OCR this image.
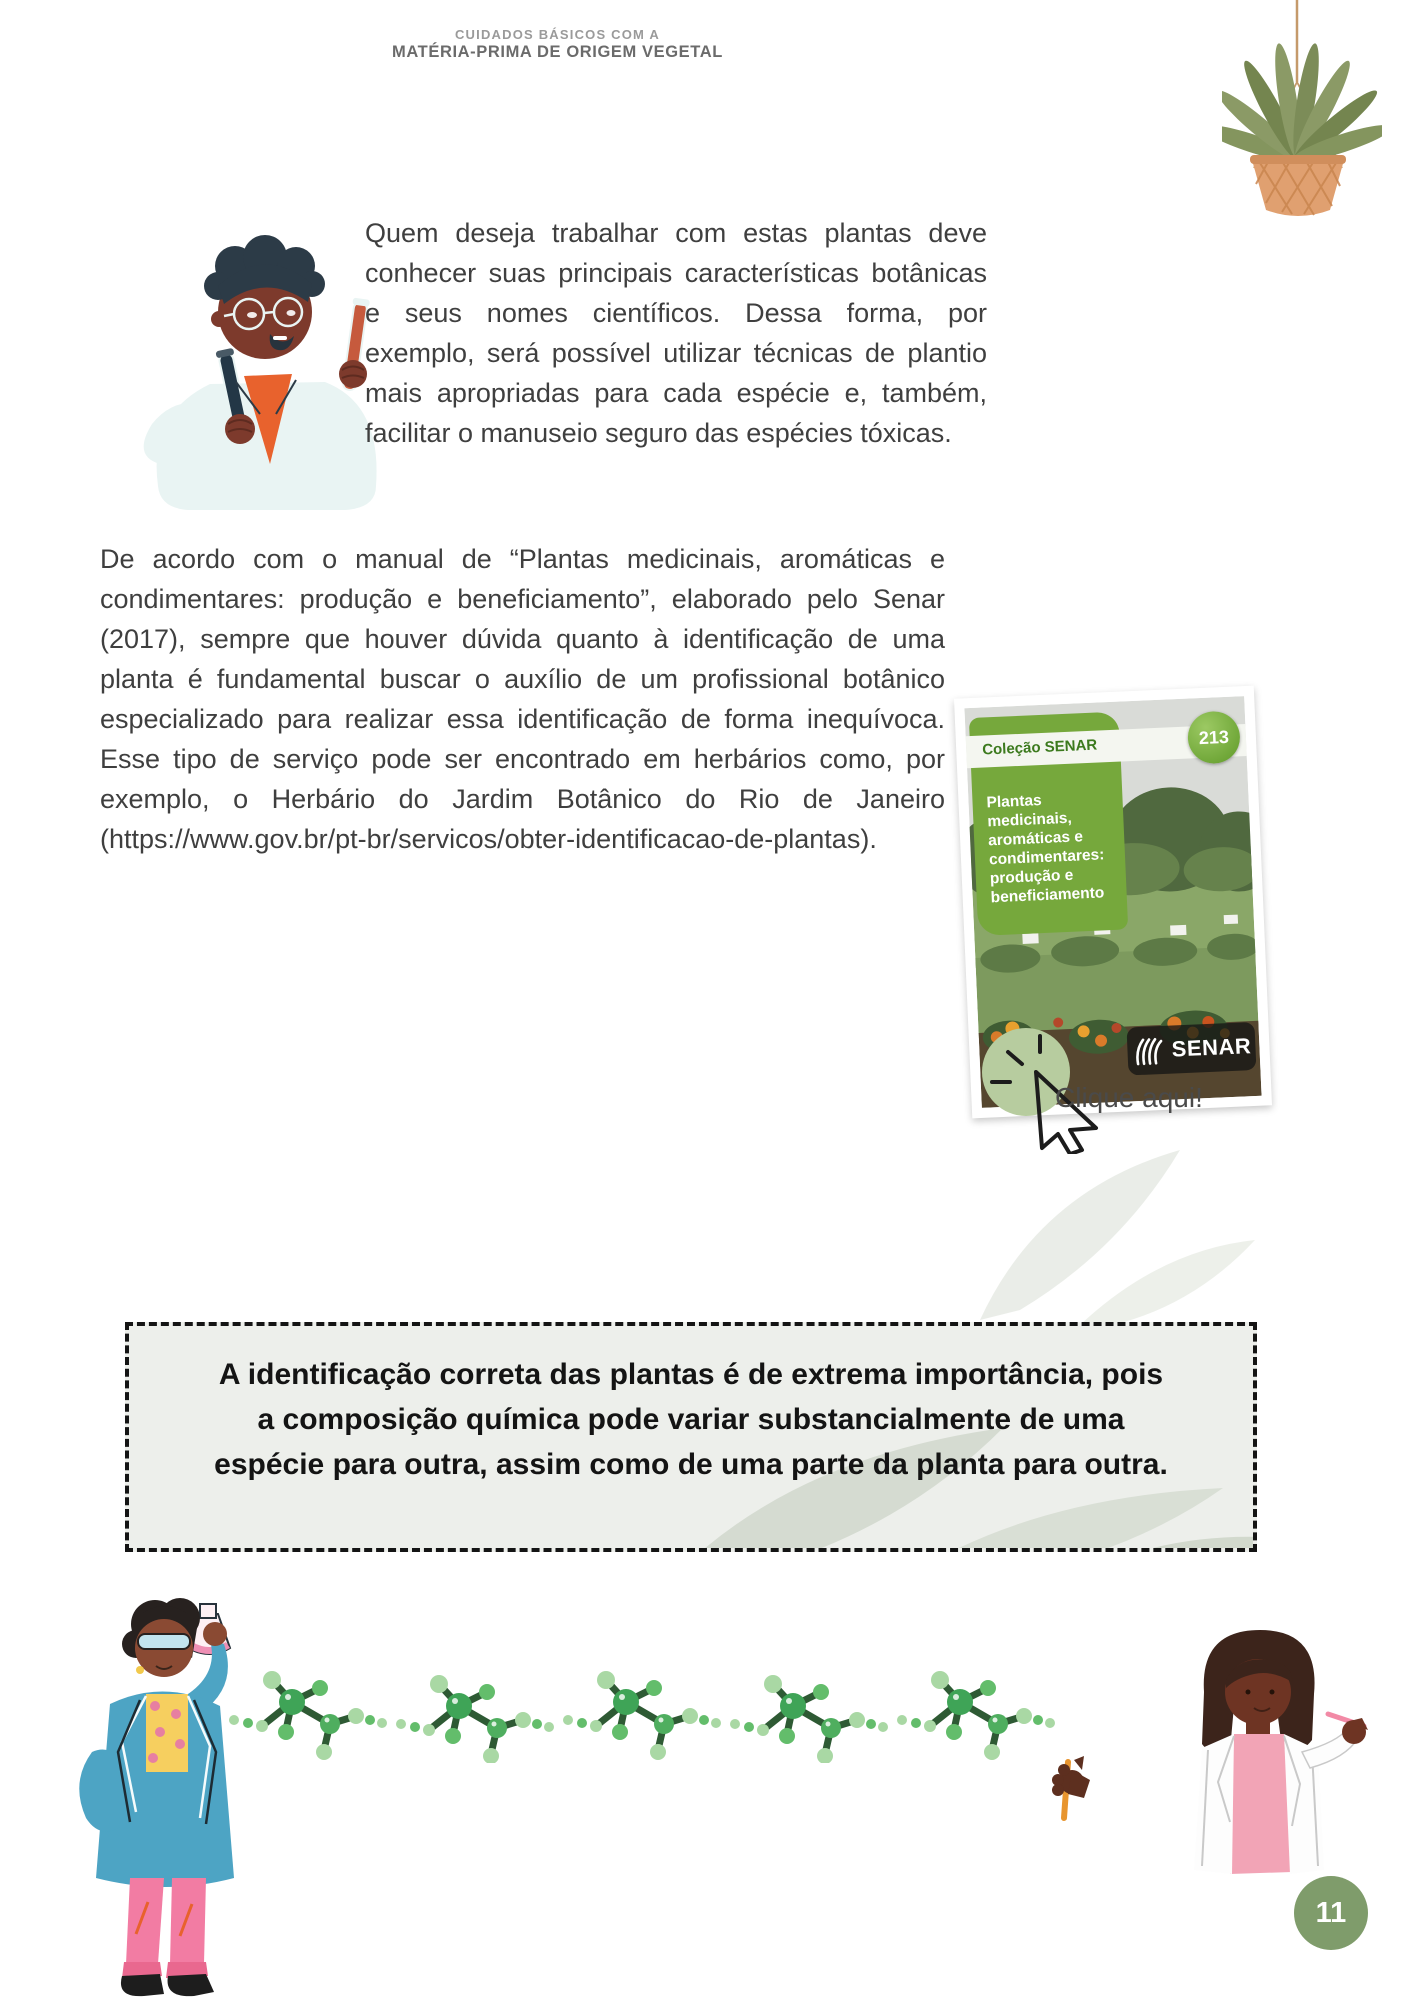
CUIDADOS BÁSICOS COM A
MATÉRIA-PRIMA DE ORIGEM VEGETAL

Quem deseja trabalhar com estas plantas deve conhecer suas principais características botânicas e seus nomes científicos. Dessa forma, por exemplo, será possível utilizar técnicas de plantio mais apropriadas para cada espécie e, também, facilitar o manuseio seguro das espécies tóxicas.

De acordo com o manual de “Plantas medicinais, aromáticas e condimentares: produção e beneficiamento”, elaborado pelo Senar (2017), sempre que houver dúvida quanto à identificação de uma planta é fundamental buscar o auxílio de um profissional botânico especializado para realizar essa identificação de forma inequívoca. Esse tipo de serviço pode ser encontrado em herbários como, por exemplo, o Herbário do Jardim Botânico do Rio de Janeiro (https://www.gov.br/pt-br/servicos/obter-identificacao-de-plantas).

Coleção SENAR	213
Plantas medicinais, aromáticas e condimentares: produção e beneficiamento
SENAR
Clique aqui!

A identificação correta das plantas é de extrema importância, pois a composição química pode variar substancialmente de uma espécie para outra, assim como de uma parte da planta para outra.

11
